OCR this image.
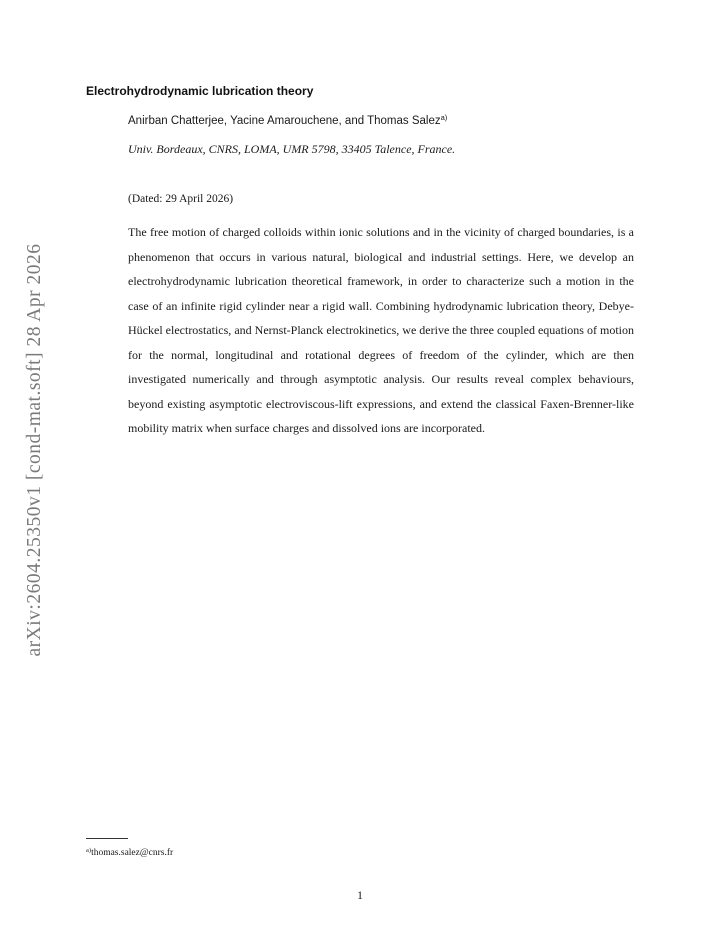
arXiv:2604.25350v1 [cond-mat.soft] 28 Apr 2026
Electrohydrodynamic lubrication theory
Anirban Chatterjee, Yacine Amarouchene, and Thomas Salez$^{a)}$
Univ. Bordeaux, CNRS, LOMA, UMR 5798, 33405 Talence, France.
(Dated: 29 April 2026)

The free motion of charged colloids within ionic solutions and in the vicinity of charged boundaries, is a phenomenon that occurs in various natural, biological and industrial settings. Here, we develop an electrohydrodynamic lubrication theoretical framework, in order to characterize such a motion in the case of an infinite rigid cylinder near a rigid wall. Combining hydrodynamic lubrication theory, Debye-Hückel electrostatics, and Nernst-Planck electrokinetics, we derive the three coupled equations of motion for the normal, longitudinal and rotational degrees of freedom of the cylinder, which are then investigated numerically and through asymptotic analysis. Our results reveal complex behaviours, beyond existing asymptotic electroviscous-lift expressions, and extend the classical Faxen-Brenner-like mobility matrix when surface charges and dissolved ions are incorporated.

$^{a)}$thomas.salez@cnrs.fr
1
